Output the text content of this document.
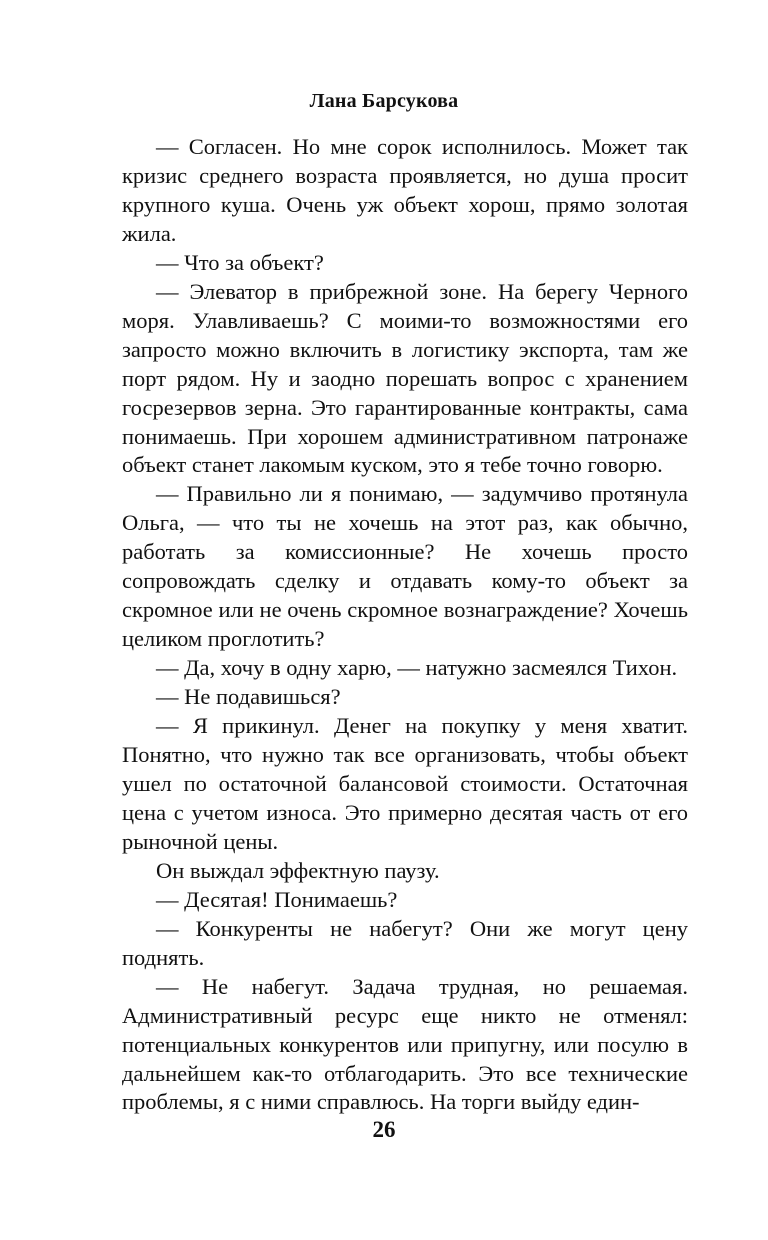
Лана Барсукова

— Согласен. Но мне сорок исполнилось. Может так кризис среднего возраста проявляется, но душа просит крупного куша. Очень уж объект хорош, прямо золотая жила.

— Что за объект?

— Элеватор в прибрежной зоне. На берегу Черного моря. Улавливаешь? С моими-то возможностями его запросто можно включить в логистику экспорта, там же порт рядом. Ну и заодно порешать вопрос с хранением госрезервов зерна. Это гарантированные контракты, сама понимаешь. При хорошем административном патронаже объект станет лакомым куском, это я тебе точно говорю.

— Правильно ли я понимаю, — задумчиво протянула Ольга, — что ты не хочешь на этот раз, как обычно, работать за комиссионные? Не хочешь просто сопровождать сделку и отдавать кому-то объект за скромное или не очень скромное вознаграждение? Хочешь целиком проглотить?

— Да, хочу в одну харю, — натужно засмеялся Тихон.

— Не подавишься?

— Я прикинул. Денег на покупку у меня хватит. Понятно, что нужно так все организовать, чтобы объект ушел по остаточной балансовой стоимости. Остаточная цена с учетом износа. Это примерно десятая часть от его рыночной цены.

Он выждал эффектную паузу.

— Десятая! Понимаешь?

— Конкуренты не набегут? Они же могут цену поднять.

— Не набегут. Задача трудная, но решаемая. Административный ресурс еще никто не отменял: потенциальных конкурентов или припугну, или посулю в дальнейшем как-то отблагодарить. Это все технические проблемы, я с ними справлюсь. На торги выйду един-

26
